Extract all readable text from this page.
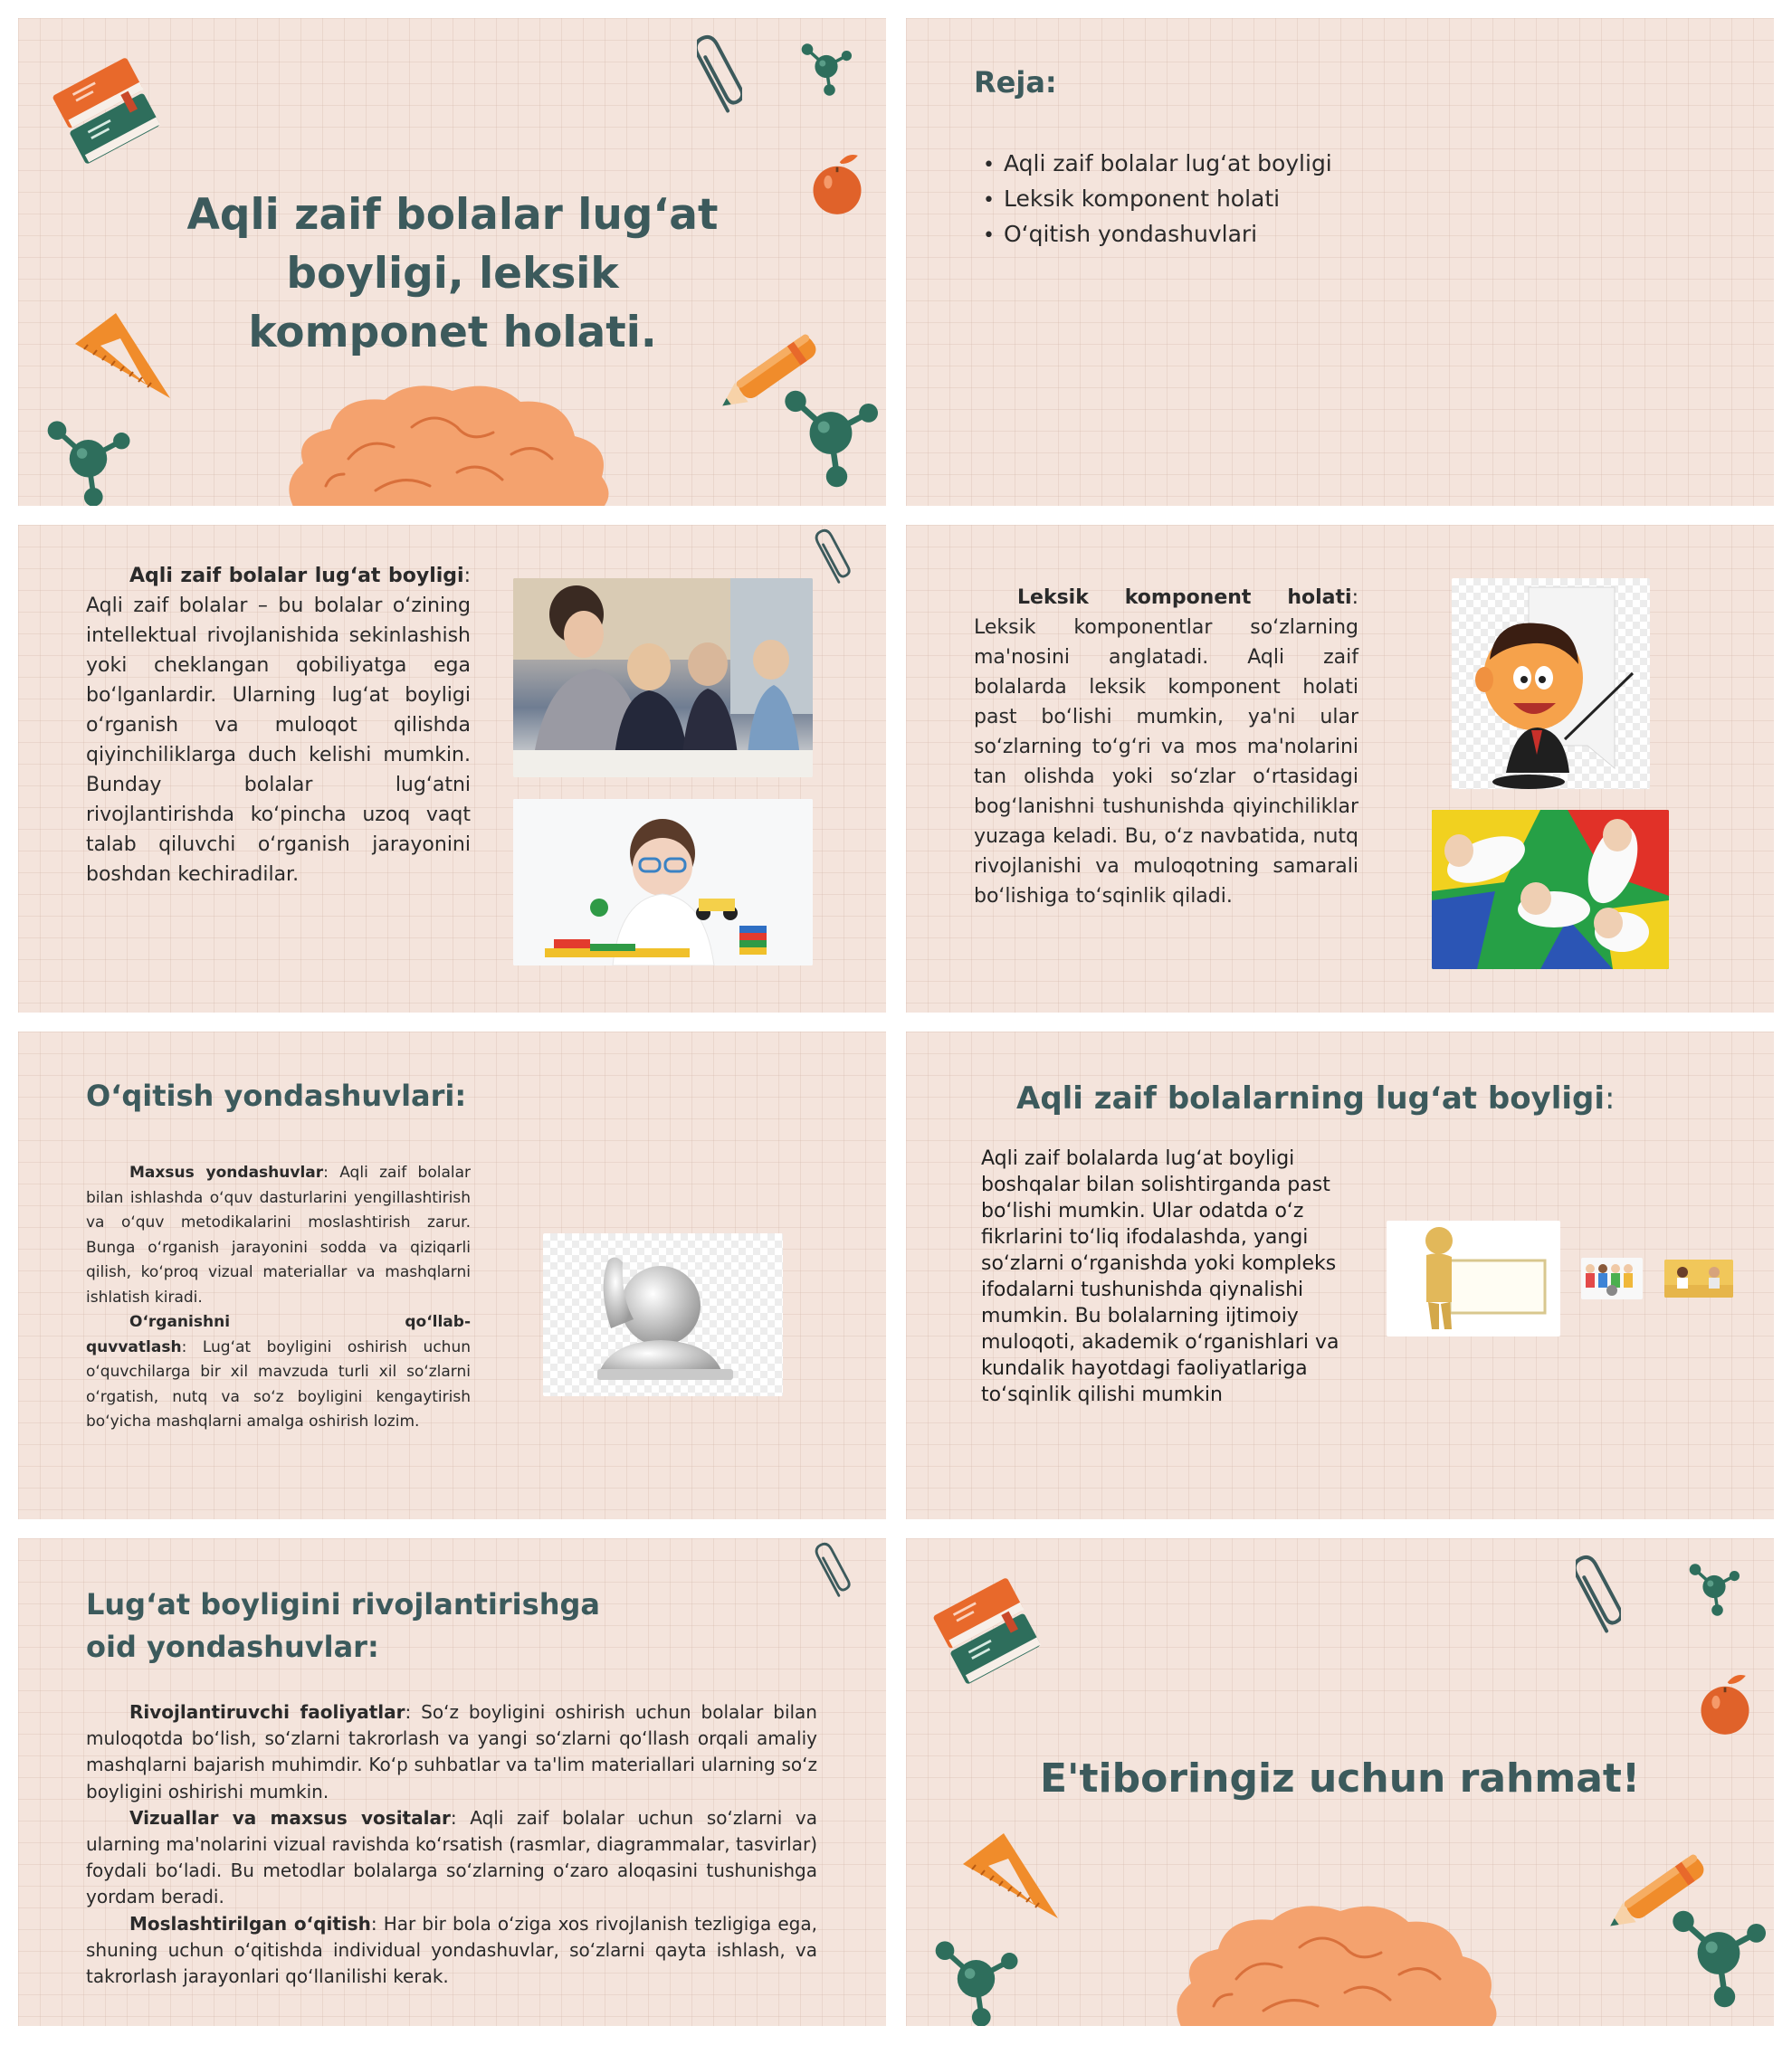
Aqli zaif bolalar lug‘at boyligi, leksik komponet holati.
Reja:
• Aqli zaif bolalar lug‘at boyligi
• Leksik komponent holati
• O‘qitish yondashuvlari
Aqli zaif bolalar lug‘at boyligi: Aqli zaif bolalar – bu bolalar o‘zining intellektual rivojlanishida sekinlashish yoki cheklangan qobiliyatga ega bo‘lganlardir. Ularning lug‘at boyligi o‘rganish va muloqot qilishda qiyinchiliklarga duch kelishi mumkin. Bunday bolalar lug‘atni rivojlantirishda ko‘pincha uzoq vaqt talab qiluvchi o‘rganish jarayonini boshdan kechiradilar.
Leksik komponent holati: Leksik komponentlar so‘zlarning ma'nosini anglatadi. Aqli zaif bolalarda leksik komponent holati past bo‘lishi mumkin, ya'ni ular so‘zlarning to‘g‘ri va mos ma'nolarini tan olishda yoki so‘zlar o‘rtasidagi bog‘lanishni tushunishda qiyinchiliklar yuzaga keladi. Bu, o‘z navbatida, nutq rivojlanishi va muloqotning samarali bo‘lishiga to‘sqinlik qiladi.
O‘qitish yondashuvlari:
Maxsus yondashuvlar: Aqli zaif bolalar bilan ishlashda o‘quv dasturlarini yengillashtirish va o‘quv metodikalarini moslashtirish zarur. Bunga o‘rganish jarayonini sodda va qiziqarli qilish, ko‘proq vizual materiallar va mashqlarni ishlatish kiradi.
O‘rganishni qo‘llab-quvvatlash: Lug‘at boyligini oshirish uchun o‘quvchilarga bir xil mavzuda turli xil so‘zlarni o‘rgatish, nutq va so‘z boyligini kengaytirish bo‘yicha mashqlarni amalga oshirish lozim.
Aqli zaif bolalarning lug‘at boyligi:
Aqli zaif bolalarda lug‘at boyligi boshqalar bilan solishtirganda past bo‘lishi mumkin. Ular odatda o‘z fikrlarini to‘liq ifodalashda, yangi so‘zlarni o‘rganishda yoki kompleks ifodalarni tushunishda qiynalishi mumkin. Bu bolalarning ijtimoiy muloqoti, akademik o‘rganishlari va kundalik hayotdagi faoliyatlariga to‘sqinlik qilishi mumkin
Lug‘at boyligini rivojlantirishga oid yondashuvlar:
Rivojlantiruvchi faoliyatlar: So‘z boyligini oshirish uchun bolalar bilan muloqotda bo‘lish, so‘zlarni takrorlash va yangi so‘zlarni qo‘llash orqali amaliy mashqlarni bajarish muhimdir. Ko‘p suhbatlar va ta'lim materiallari ularning so‘z boyligini oshirishi mumkin.
Vizuallar va maxsus vositalar: Aqli zaif bolalar uchun so‘zlarni va ularning ma'nolarini vizual ravishda ko‘rsatish (rasmlar, diagrammalar, tasvirlar) foydali bo‘ladi. Bu metodlar bolalarga so‘zlarning o‘zaro aloqasini tushunishga yordam beradi.
Moslashtirilgan o‘qitish: Har bir bola o‘ziga xos rivojlanish tezligiga ega, shuning uchun o‘qitishda individual yondashuvlar, so‘zlarni qayta ishlash, va takrorlash jarayonlari qo‘llanilishi kerak.
E'tiboringiz uchun rahmat!
